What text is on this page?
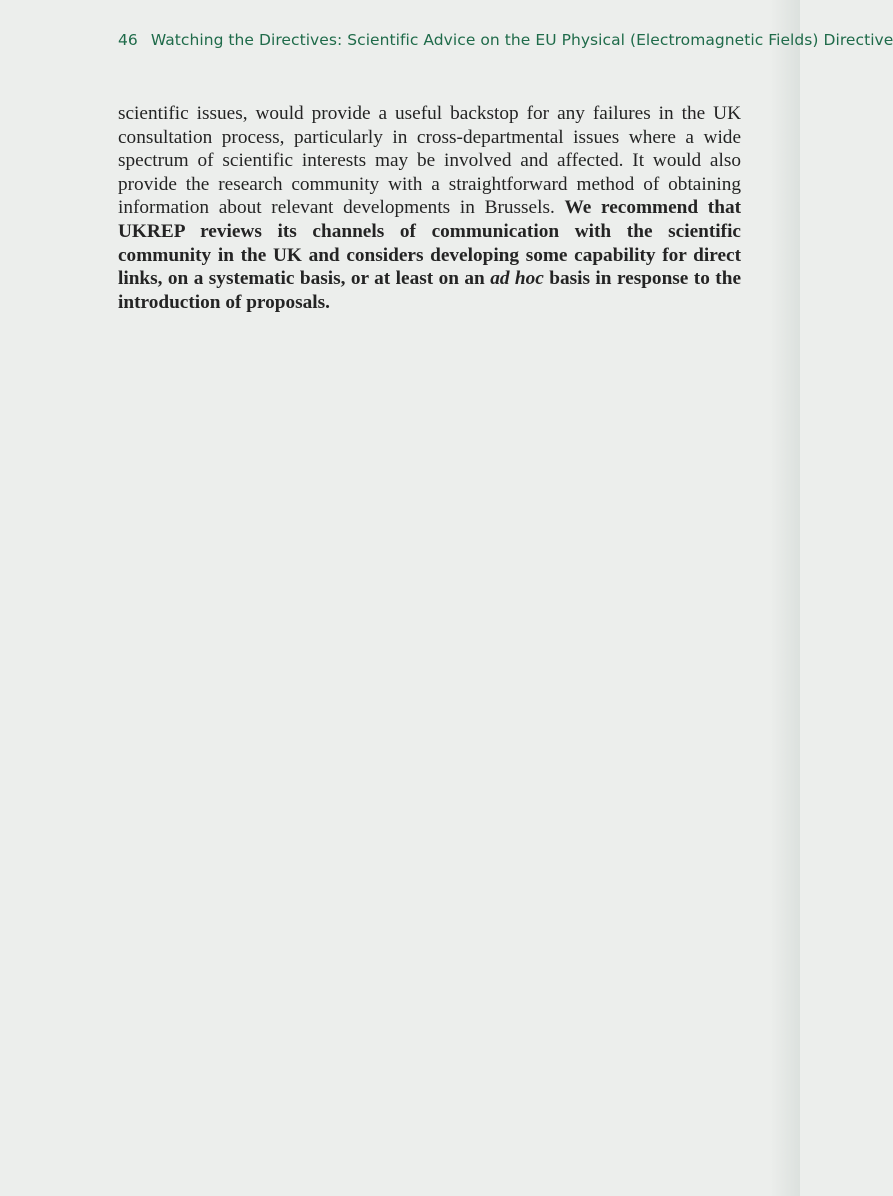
46 Watching the Directives: Scientific Advice on the EU Physical (Electromagnetic Fields) Directive

scientific issues, would provide a useful backstop for any failures in the UK consultation process, particularly in cross-departmental issues where a wide spectrum of scientific interests may be involved and affected. It would also provide the research community with a straightforward method of obtaining information about relevant developments in Brussels. We recommend that UKREP reviews its channels of communication with the scientific community in the UK and considers developing some capability for direct links, on a systematic basis, or at least on an ad hoc basis in response to the introduction of proposals.
